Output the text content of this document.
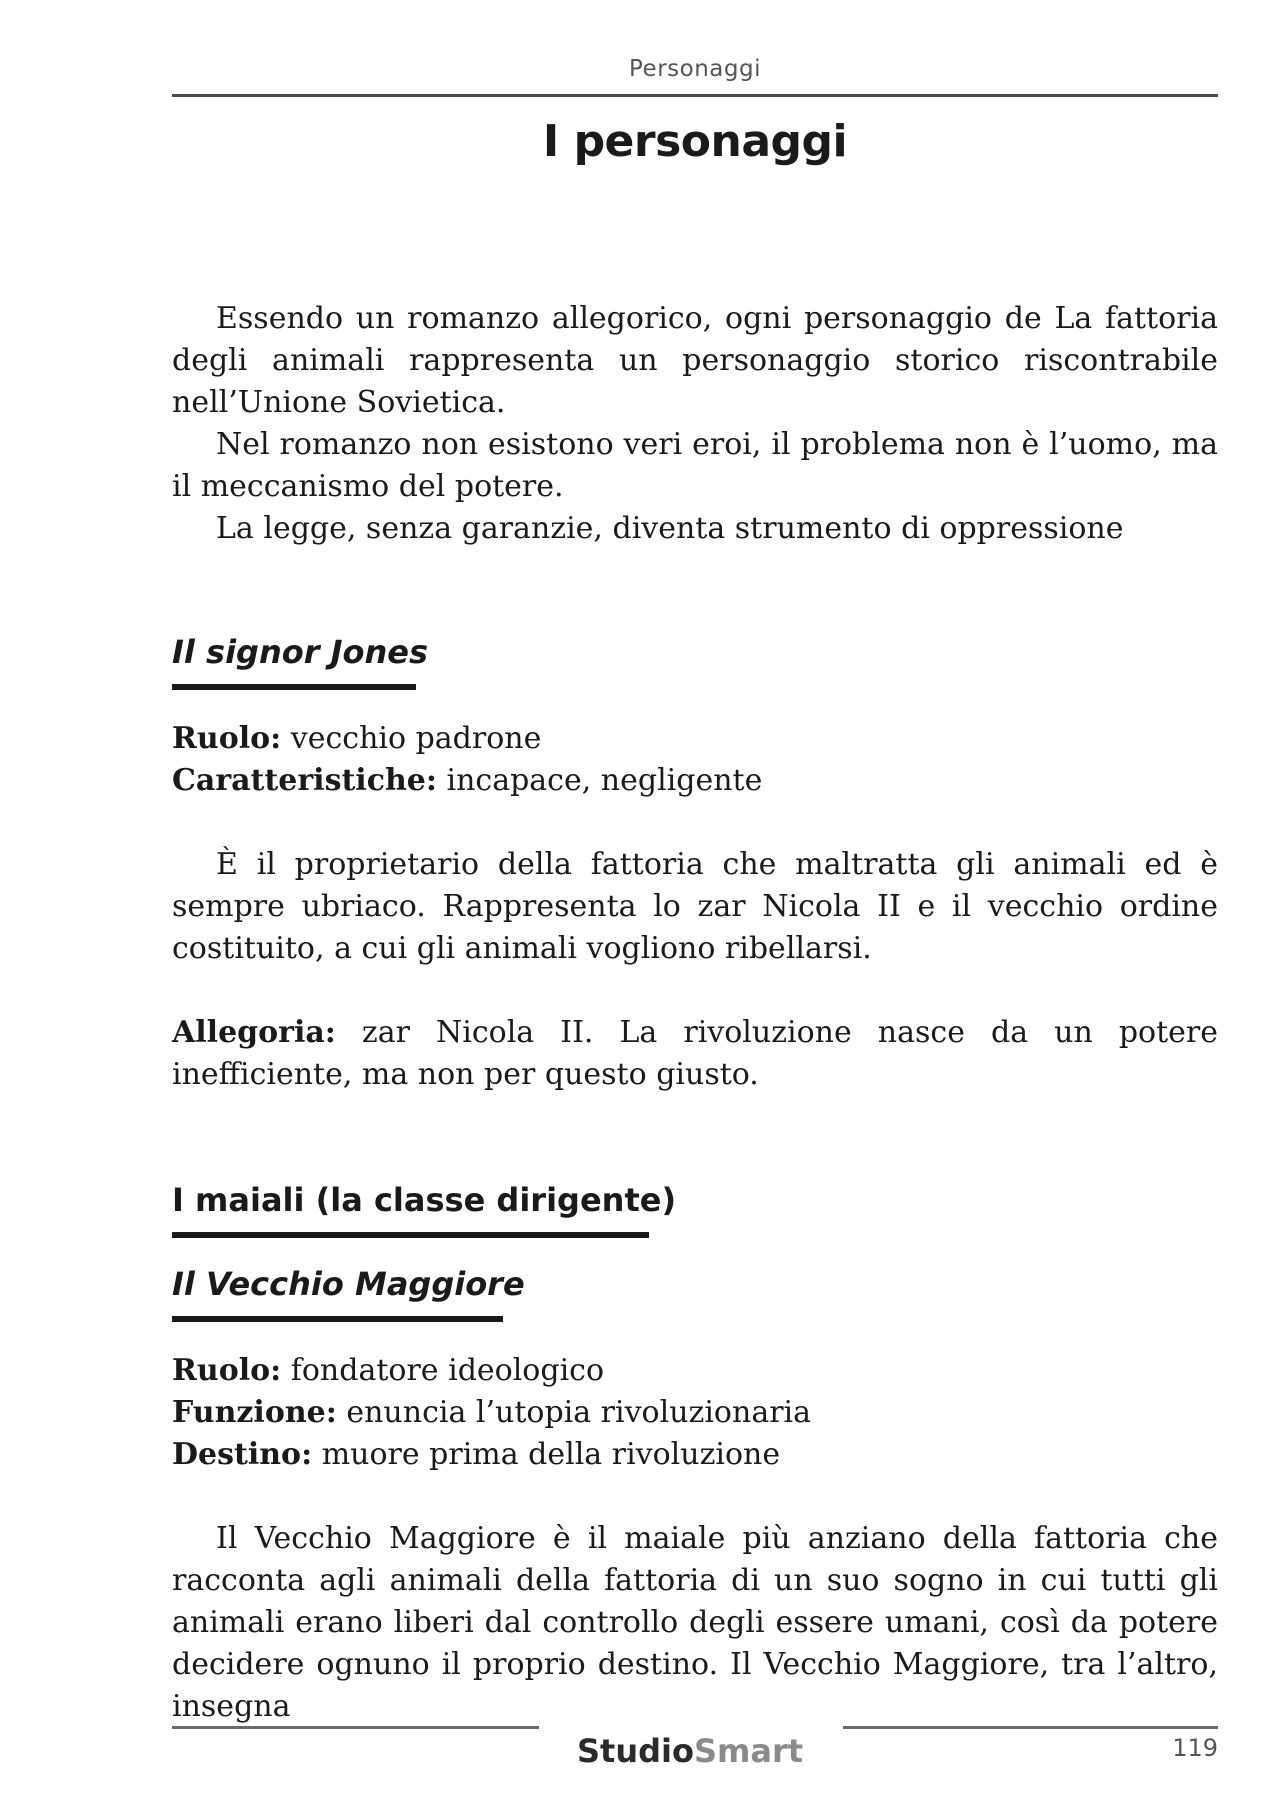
Personaggi
I personaggi

Essendo un romanzo allegorico, ogni personaggio de La fattoria degli animali rappresenta un personaggio storico riscontrabile nell’Unione Sovietica.

Nel romanzo non esistono veri eroi, il problema non è l’uomo, ma il meccanismo del potere.

La legge, senza garanzie, diventa strumento di oppressione

Il signor Jones

Ruolo: vecchio padrone

Caratteristiche: incapace, negligente

È il proprietario della fattoria che maltratta gli animali ed è sempre ubriaco. Rappresenta lo zar Nicola II e il vecchio ordine costituito, a cui gli animali vogliono ribellarsi.

Allegoria: zar Nicola II. La rivoluzione nasce da un potere inefficiente, ma non per questo giusto.

I maiali (la classe dirigente)
Il Vecchio Maggiore

Ruolo: fondatore ideologico

Funzione: enuncia l’utopia rivoluzionaria

Destino: muore prima della rivoluzione

Il Vecchio Maggiore è il maiale più anziano della fattoria che racconta agli animali della fattoria di un suo sogno in cui tutti gli animali erano liberi dal controllo degli essere umani, così da potere decidere ognuno il proprio destino. Il Vecchio Maggiore, tra l’altro, insegna

StudioSmart	119
